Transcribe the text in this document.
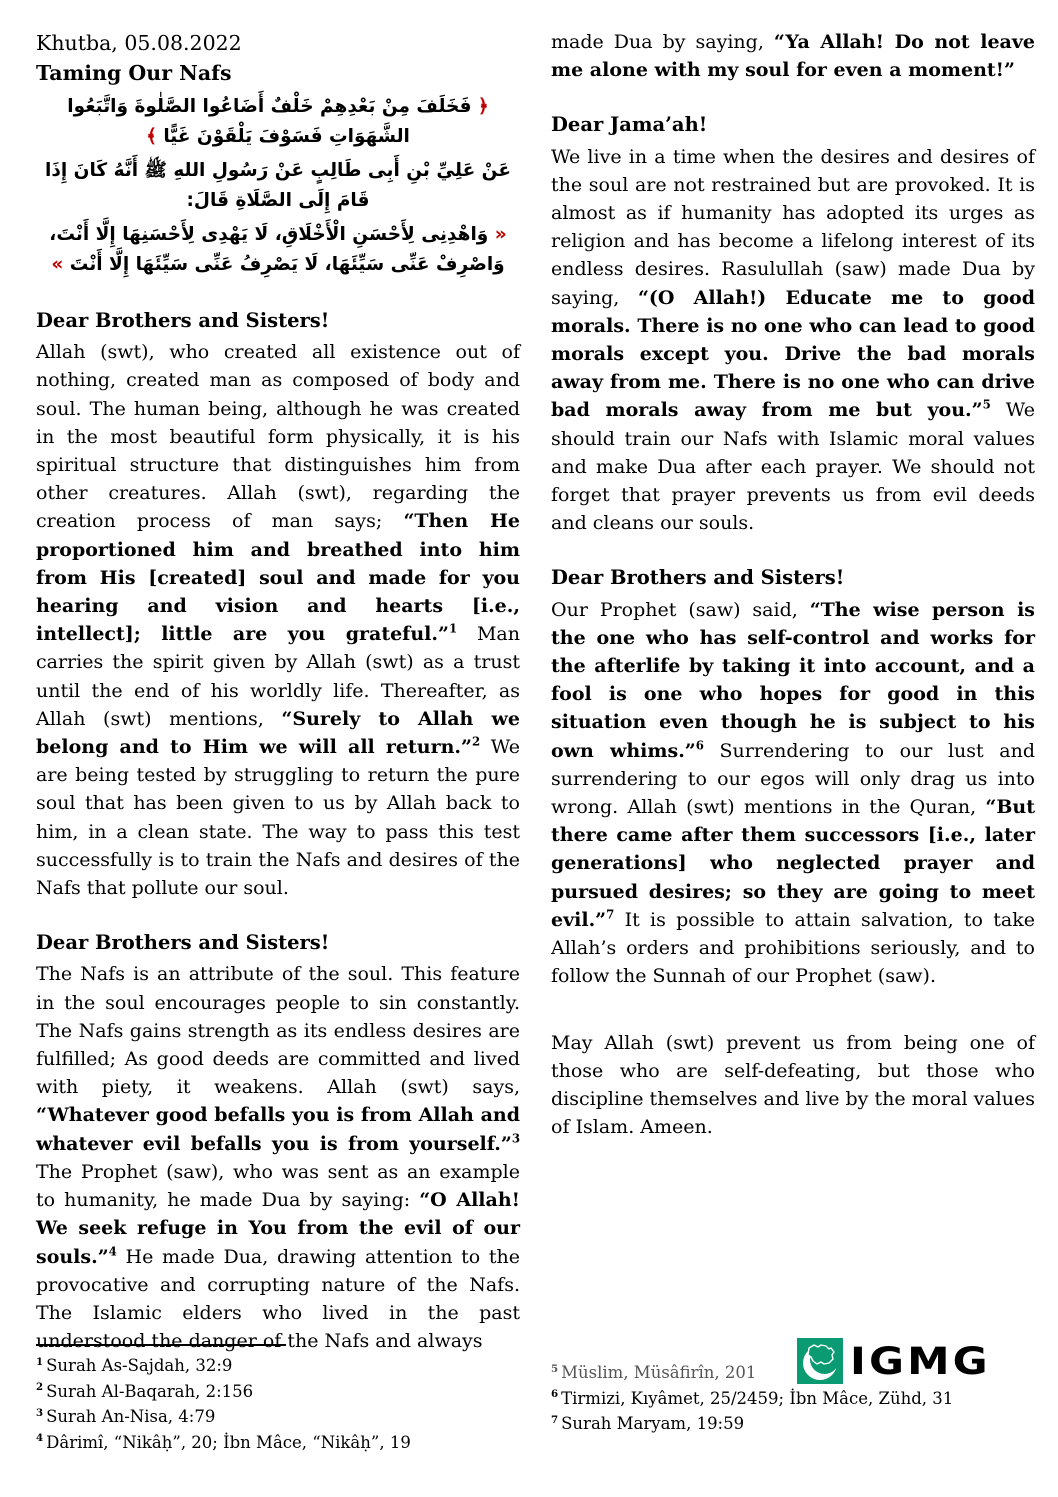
Khutba, 05.08.2022
Taming Our Nafs

﴿ فَخَلَفَ مِنْ بَعْدِهِمْ خَلْفٌ أَضَاعُوا الصَّلٰوةَ وَاتَّبَعُوا الشَّهَوَاتِ فَسَوْفَ يَلْقَوْنَ غَيًّا ﴾

عَنْ عَلِيِّ بْنِ أَبِى طَالِبٍ عَنْ رَسُولِ اللهِ ﷺ أَنَّهُ كَانَ إِذَا قَامَ إِلَى الصَّلَاةِ قَالَ:

« وَاهْدِنِى لِأَحْسَنِ الْأَخْلَاقِ، لَا يَهْدِى لِأَحْسَنِهَا إِلَّا أَنْتَ، وَاصْرِفْ عَنِّى سَيِّئَهَا، لَا يَصْرِفُ عَنِّى سَيِّئَهَا إِلَّا أَنْتَ »

Dear Brothers and Sisters!

Allah (swt), who created all existence out of nothing, created man as composed of body and soul. The human being, although he was created in the most beautiful form physically, it is his spiritual structure that distinguishes him from other creatures. Allah (swt), regarding the creation process of man says; “Then He proportioned him and breathed into him from His [created] soul and made for you hearing and vision and hearts [i.e., intellect]; little are you grateful.”$^1$ Man carries the spirit given by Allah (swt) as a trust until the end of his worldly life. Thereafter, as Allah (swt) mentions, “Surely to Allah we belong and to Him we will all return.”$^2$ We are being tested by struggling to return the pure soul that has been given to us by Allah back to him, in a clean state. The way to pass this test successfully is to train the Nafs and desires of the Nafs that pollute our soul.

Dear Brothers and Sisters!

The Nafs is an attribute of the soul. This feature in the soul encourages people to sin constantly. The Nafs gains strength as its endless desires are fulfilled; As good deeds are committed and lived with piety, it weakens. Allah (swt) says, “Whatever good befalls you is from Allah and whatever evil befalls you is from yourself.”$^3$ The Prophet (saw), who was sent as an example to humanity, he made Dua by saying: “O Allah! We seek refuge in You from the evil of our souls.”$^4$ He made Dua, drawing attention to the provocative and corrupting nature of the Nafs. The Islamic elders who lived in the past understood the danger of the Nafs and always

made Dua by saying, “Ya Allah! Do not leave me alone with my soul for even a moment!”

Dear Jama’ah!

We live in a time when the desires and desires of the soul are not restrained but are provoked. It is almost as if humanity has adopted its urges as religion and has become a lifelong interest of its endless desires. Rasulullah (saw) made Dua by saying, “(O Allah!) Educate me to good morals. There is no one who can lead to good morals except you. Drive the bad morals away from me. There is no one who can drive bad morals away from me but you.”$^5$ We should train our Nafs with Islamic moral values and make Dua after each prayer. We should not forget that prayer prevents us from evil deeds and cleans our souls.

Dear Brothers and Sisters!

Our Prophet (saw) said, “The wise person is the one who has self-control and works for the afterlife by taking it into account, and a fool is one who hopes for good in this situation even though he is subject to his own whims.”$^6$ Surrendering to our lust and surrendering to our egos will only drag us into wrong. Allah (swt) mentions in the Quran, “But there came after them successors [i.e., later generations] who neglected prayer and pursued desires; so they are going to meet evil.”$^7$ It is possible to attain salvation, to take Allah’s orders and prohibitions seriously, and to follow the Sunnah of our Prophet (saw).

May Allah (swt) prevent us from being one of those who are self-defeating, but those who discipline themselves and live by the moral values of Islam. Ameen.

$^1$ Surah As-Sajdah, 32:9
$^2$ Surah Al-Baqarah, 2:156
$^3$ Surah An-Nisa, 4:79
$^4$ Dârimî, “Nikâḥ”, 20; İbn Mâce, “Nikâḥ”, 19
$^5$ Müslim, Müsâfirîn, 201
$^6$ Tirmizi, Kıyâmet, 25/2459; İbn Mâce, Zühd, 31
$^7$ Surah Maryam, 19:59
IGMG
